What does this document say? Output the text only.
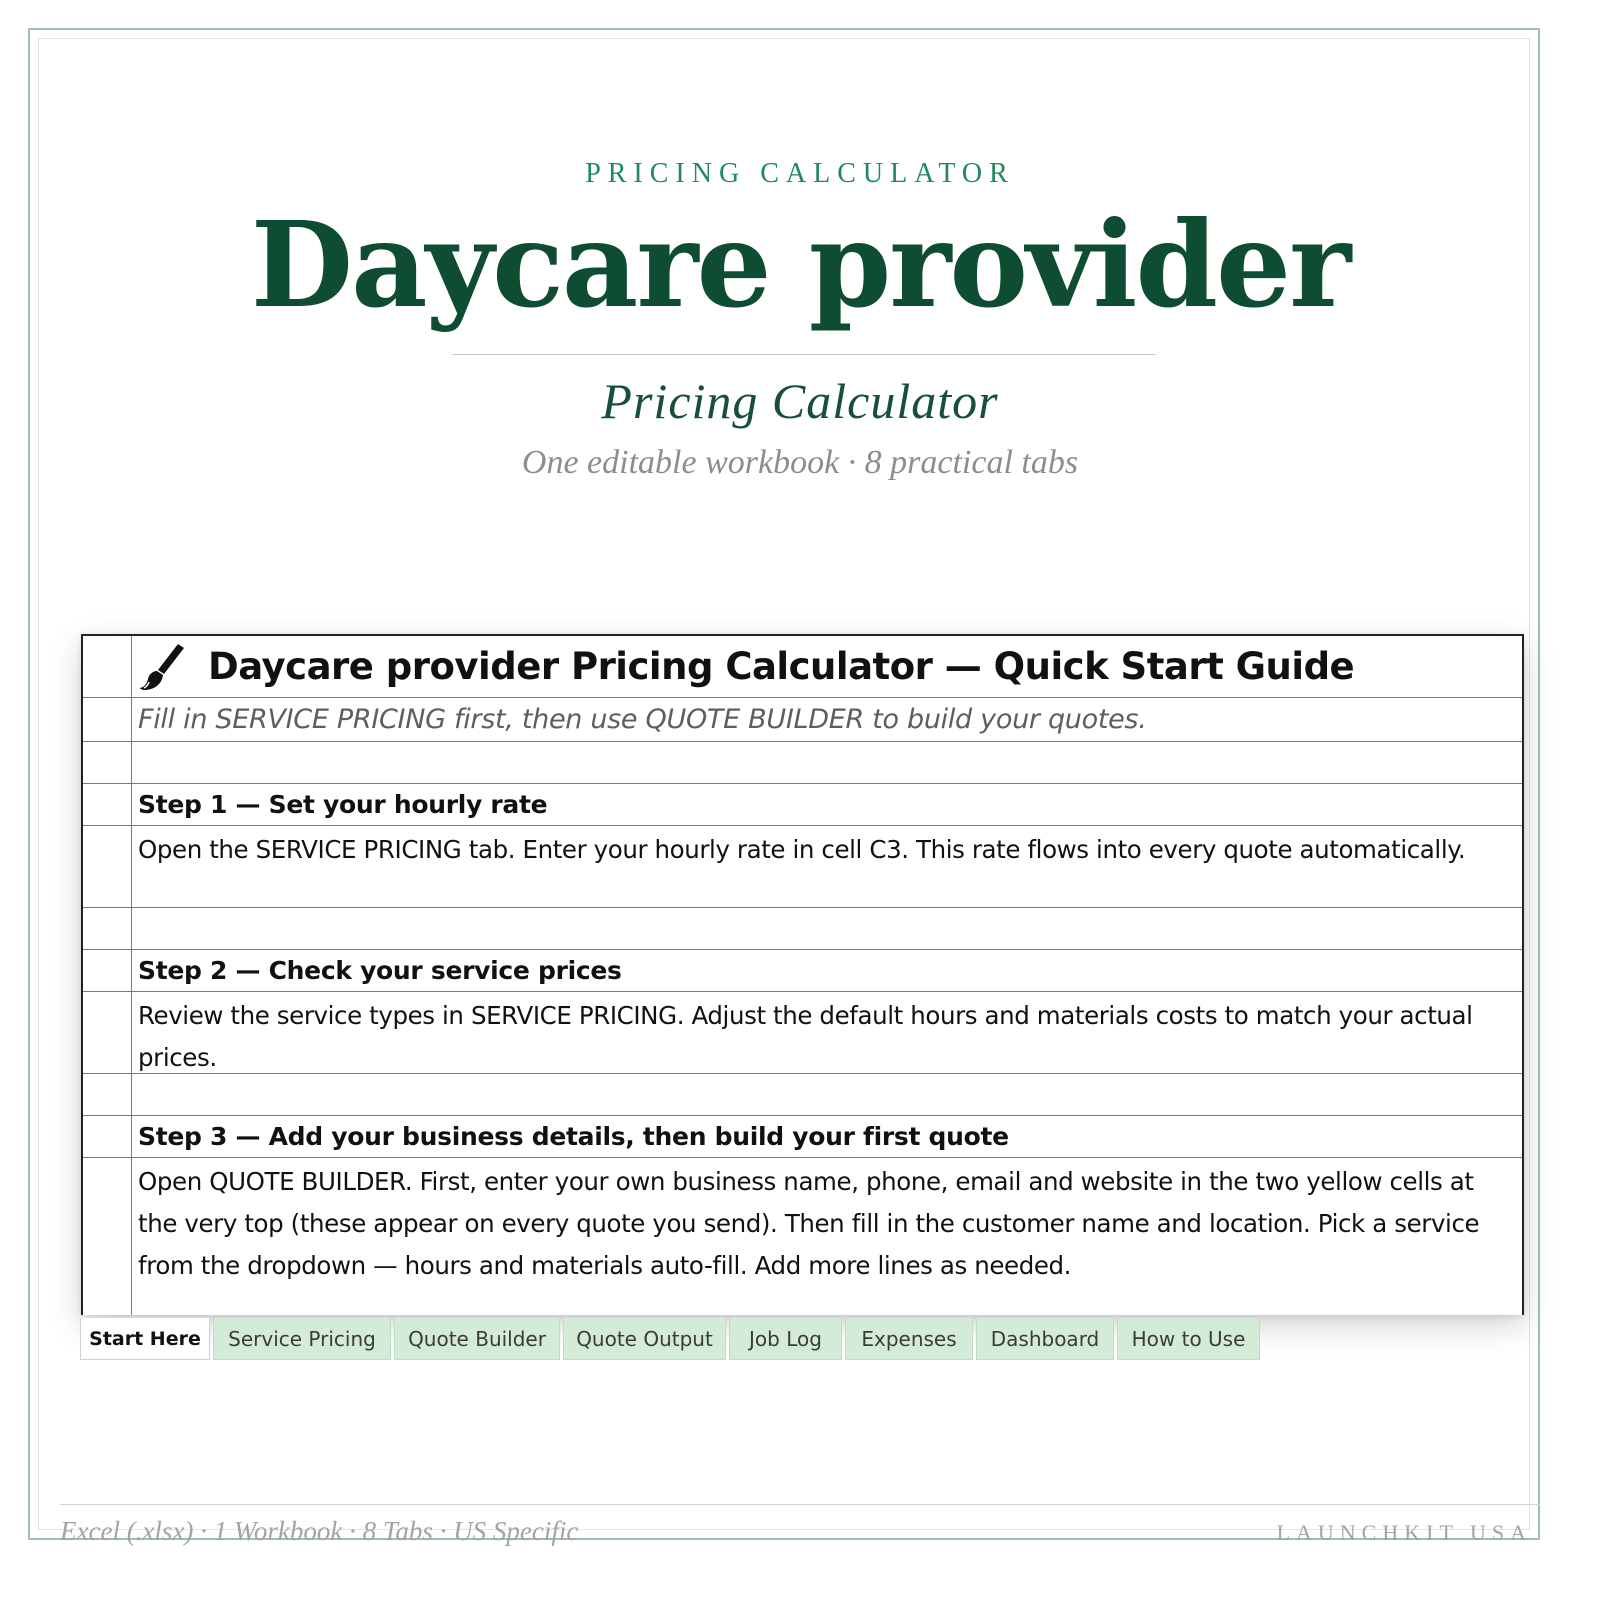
PRICING CALCULATOR
Daycare provider
Pricing Calculator
One editable workbook · 8 practical tabs
Daycare provider Pricing Calculator — Quick Start Guide
Fill in SERVICE PRICING first, then use QUOTE BUILDER to build your quotes.
Step 1 — Set your hourly rate
Open the SERVICE PRICING tab. Enter your hourly rate in cell C3. This rate flows into every quote automatically.
Step 2 — Check your service prices
Review the service types in SERVICE PRICING. Adjust the default hours and materials costs to match your actual prices.
Step 3 — Add your business details, then build your first quote
Open QUOTE BUILDER. First, enter your own business name, phone, email and website in the two yellow cells at the very top (these appear on every quote you send). Then fill in the customer name and location. Pick a service from the dropdown — hours and materials auto-fill. Add more lines as needed.
Start Here	Service Pricing	Quote Builder	Quote Output	Job Log	Expenses	Dashboard	How to Use
Excel (.xlsx) · 1 Workbook · 8 Tabs · US Specific	LAUNCHKIT USA
